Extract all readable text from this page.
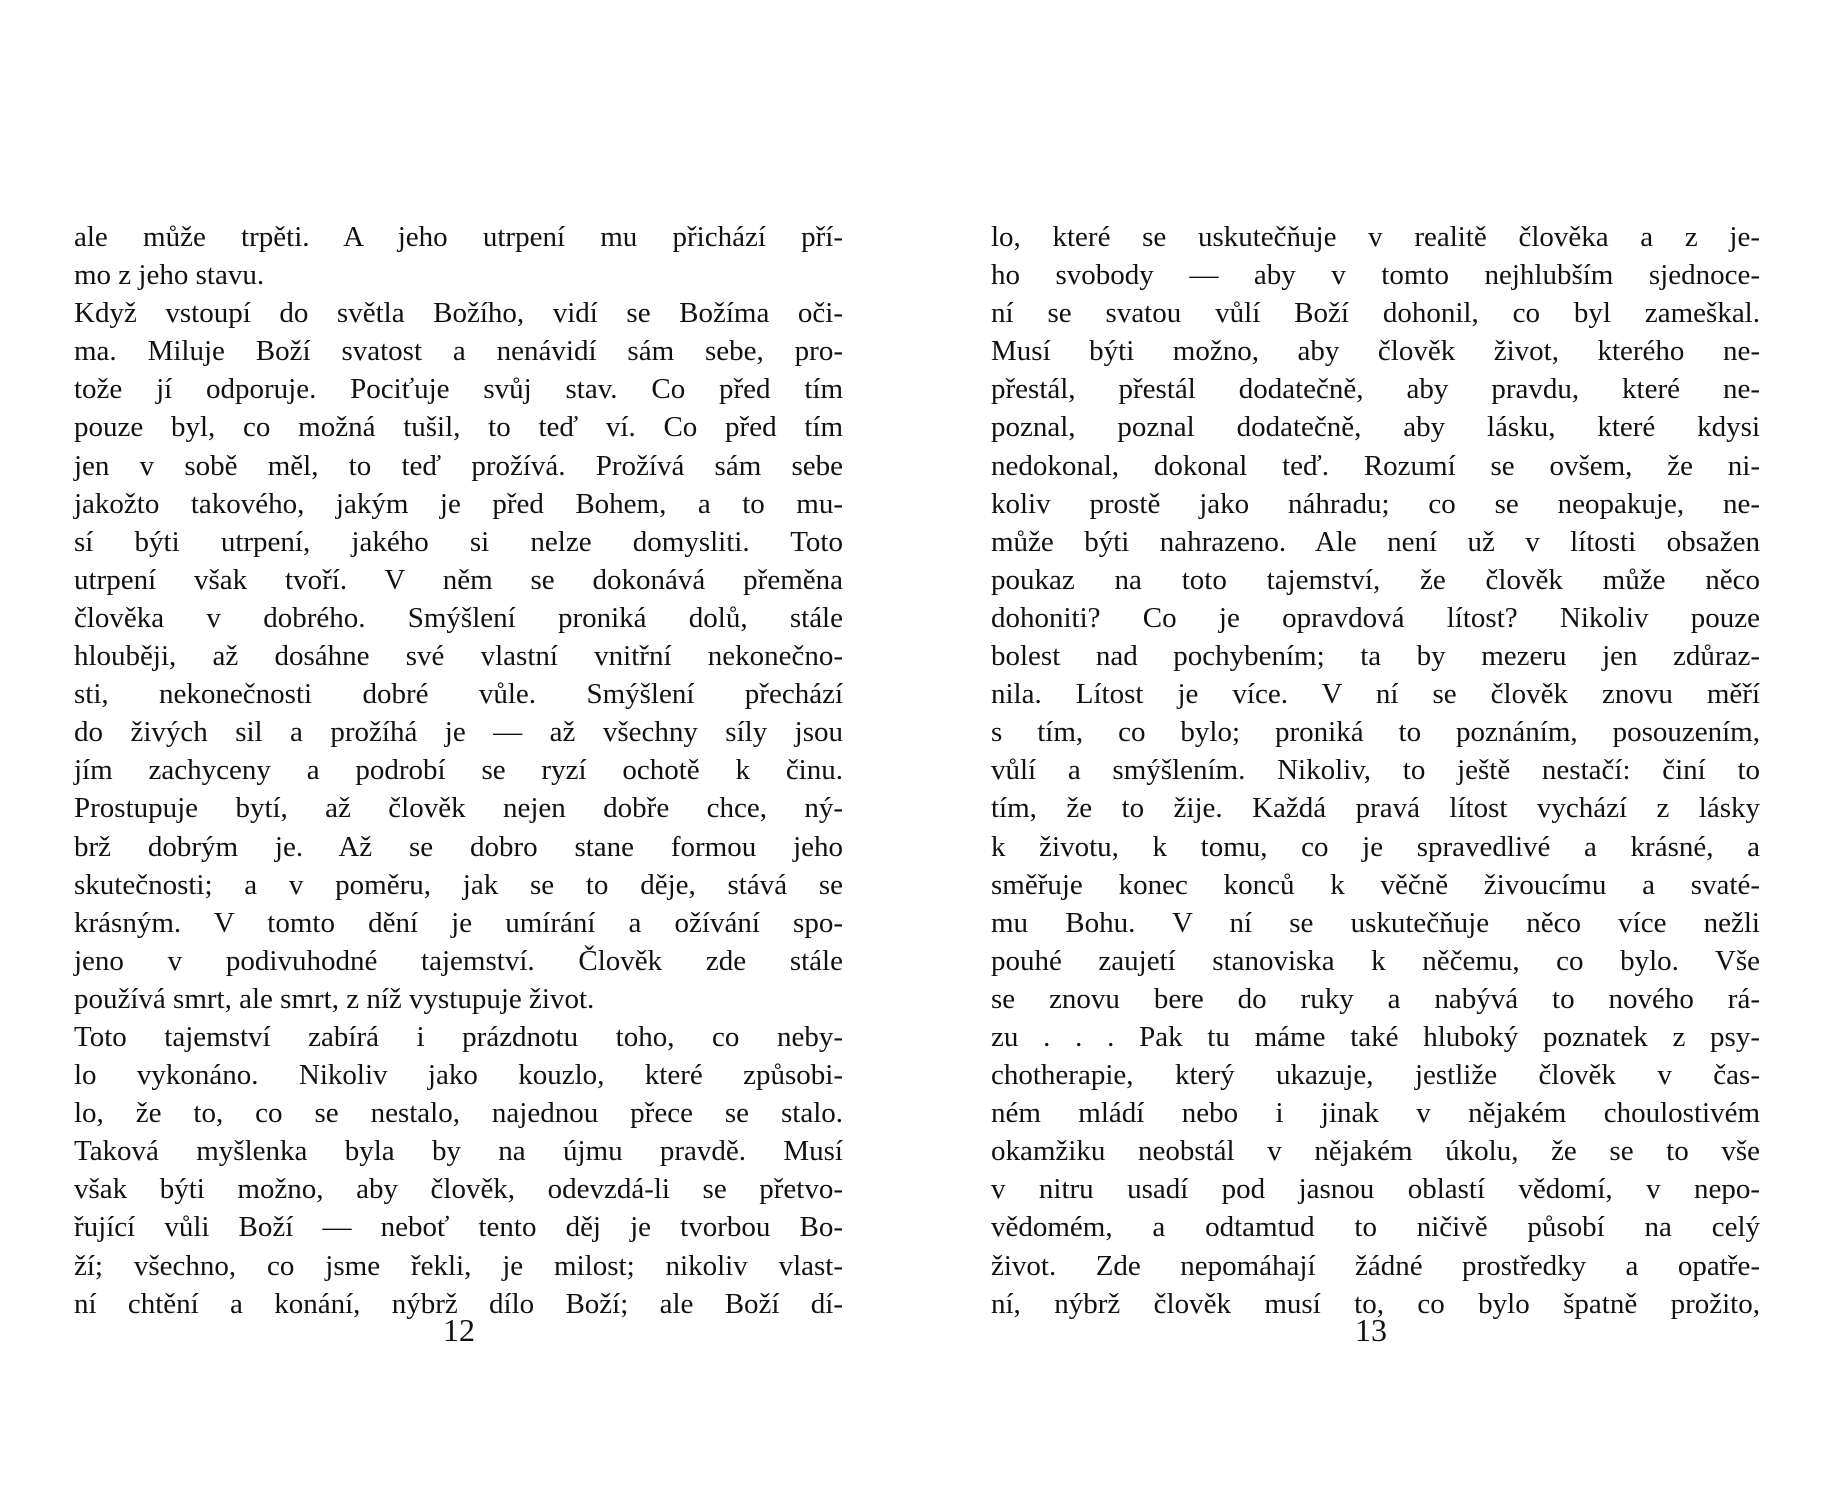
ale může trpěti. A jeho utrpení mu přichází pří-
mo z jeho stavu.
Když vstoupí do světla Božího, vidí se Božíma oči-
ma. Miluje Boží svatost a nenávidí sám sebe, pro-
tože jí odporuje. Pociťuje svůj stav. Co před tím
pouze byl, co možná tušil, to teď ví. Co před tím
jen v sobě měl, to teď prožívá. Prožívá sám sebe
jakožto takového, jakým je před Bohem, a to mu-
sí býti utrpení, jakého si nelze domysliti. Toto
utrpení však tvoří. V něm se dokonává přeměna
člověka v dobrého. Smýšlení proniká dolů, stále
hlouběji, až dosáhne své vlastní vnitřní nekonečno-
sti, nekonečnosti dobré vůle. Smýšlení přechází
do živých sil a prožíhá je — až všechny síly jsou
jím zachyceny a podrobí se ryzí ochotě k činu.
Prostupuje bytí, až člověk nejen dobře chce, ný-
brž dobrým je. Až se dobro stane formou jeho
skutečnosti; a v poměru, jak se to děje, stává se
krásným. V tomto dění je umírání a ožívání spo-
jeno v podivuhodné tajemství. Člověk zde stále
používá smrt, ale smrt, z níž vystupuje život.
Toto tajemství zabírá i prázdnotu toho, co neby-
lo vykonáno. Nikoliv jako kouzlo, které způsobi-
lo, že to, co se nestalo, najednou přece se stalo.
Taková myšlenka byla by na újmu pravdě. Musí
však býti možno, aby člověk, odevzdá-li se přetvo-
řující vůli Boží — neboť tento děj je tvorbou Bo-
ží; všechno, co jsme řekli, je milost; nikoliv vlast-
ní chtění a konání, nýbrž dílo Boží; ale Boží dí-
12
lo, které se uskutečňuje v realitě člověka a z je-
ho svobody — aby v tomto nejhlubším sjednoce-
ní se svatou vůlí Boží dohonil, co byl zameškal.
Musí býti možno, aby člověk život, kterého ne-
přestál, přestál dodatečně, aby pravdu, které ne-
poznal, poznal dodatečně, aby lásku, které kdysi
nedokonal, dokonal teď. Rozumí se ovšem, že ni-
koliv prostě jako náhradu; co se neopakuje, ne-
může býti nahrazeno. Ale není už v lítosti obsažen
poukaz na toto tajemství, že člověk může něco
dohoniti? Co je opravdová lítost? Nikoliv pouze
bolest nad pochybením; ta by mezeru jen zdůraz-
nila. Lítost je více. V ní se člověk znovu měří
s tím, co bylo; proniká to poznáním, posouzením,
vůlí a smýšlením. Nikoliv, to ještě nestačí: činí to
tím, že to žije. Každá pravá lítost vychází z lásky
k životu, k tomu, co je spravedlivé a krásné, a
směřuje konec konců k věčně živoucímu a svaté-
mu Bohu. V ní se uskutečňuje něco více nežli
pouhé zaujetí stanoviska k něčemu, co bylo. Vše
se znovu bere do ruky a nabývá to nového rá-
zu . . . Pak tu máme také hluboký poznatek z psy-
chotherapie, který ukazuje, jestliže člověk v čas-
ném mládí nebo i jinak v nějakém choulostivém
okamžiku neobstál v nějakém úkolu, že se to vše
v nitru usadí pod jasnou oblastí vědomí, v nepo-
vědomém, a odtamtud to ničivě působí na celý
život. Zde nepomáhají žádné prostředky a opatře-
ní, nýbrž člověk musí to, co bylo špatně prožito,
13
